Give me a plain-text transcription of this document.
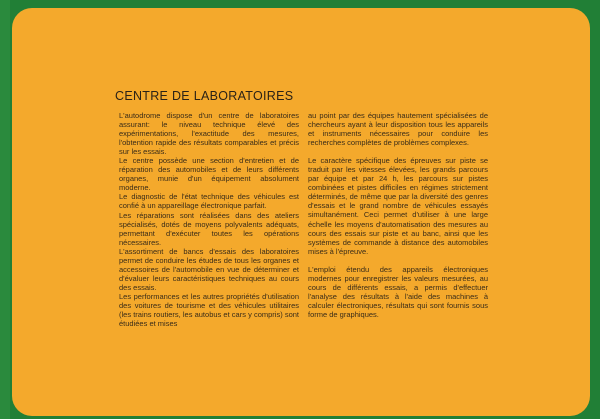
CENTRE DE LABORATOIRES

L'autodrome dispose d'un centre de laboratoires assurant: le niveau technique élevé des expérimentations, l'exactitude des mesures, l'obtention rapide des résultats comparables et précis sur les essais.

Le centre possède une section d'entretien et de réparation des automobiles et de leurs différents organes, munie d'un équipement absolument moderne.

Le diagnostic de l'état technique des véhicules est confié à un appareillage électronique parfait.

Les réparations sont réalisées dans des ateliers spécialisés, dotés de moyens polyvalents adéquats, permettant d'exécuter toutes les opérations nécessaires.

L'assortiment de bancs d'essais des laboratoires permet de conduire les études de tous les organes et accessoires de l'automobile en vue de déterminer et d'évaluer leurs caractéristiques techniques au cours des essais.

Les performances et les autres propriétés d'utilisation des voitures de tourisme et des véhicules utilitaires (les trains routiers, les autobus et cars y compris) sont étudiées et mises

au point par des équipes hautement spécialisées de chercheurs ayant à leur disposition tous les appareils et instruments nécessaires pour conduire les recherches complètes de problèmes complexes.

Le caractère spécifique des épreuves sur piste se traduit par les vitesses élevées, les grands parcours par équipe et par 24 h, les parcours sur pistes combinées et pistes difficiles en régimes strictement déterminés, de même que par la diversité des genres d'essais et le grand nombre de véhicules essayés simultanément. Ceci permet d'utiliser à une large échelle les moyens d'automatisation des mesures au cours des essais sur piste et au banc, ainsi que les systèmes de commande à distance des automobiles mises à l'épreuve.

L'emploi étendu des appareils électroniques modernes pour enregistrer les valeurs mesurées, au cours de différents essais, a permis d'effectuer l'analyse des résultats à l'aide des machines à calculer électroniques, résultats qui sont fournis sous forme de graphiques.
